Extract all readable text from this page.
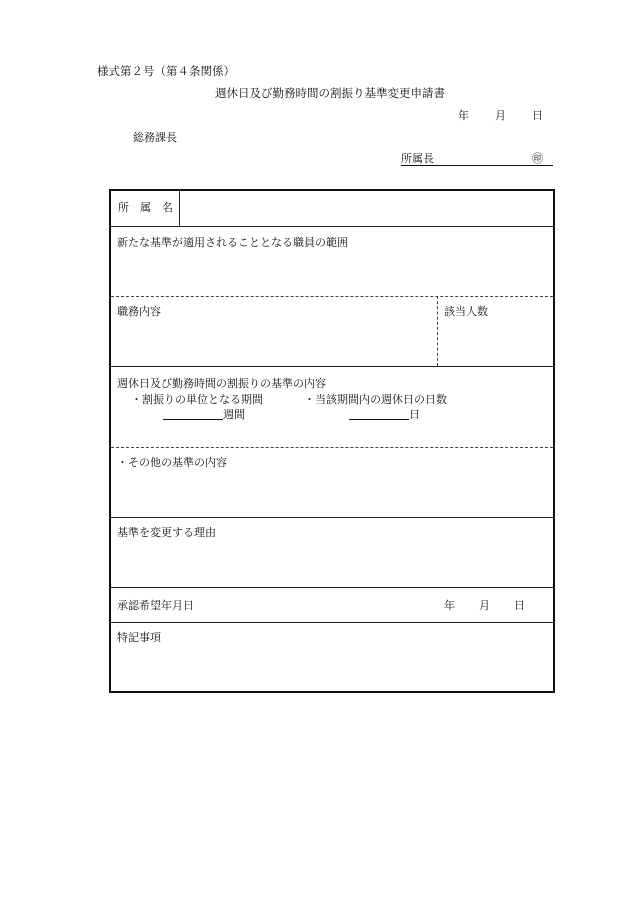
様式第２号（第４条関係）
週休日及び勤務時間の割振り基準変更申請書
年 月 日
総務課長
所属長	㊞
所　属　名
新たな基準が適用されることとなる職員の範囲
職務内容	該当人数
週休日及び勤務時間の割振りの基準の内容
・割振りの単位となる期間	・当該期間内の週休日の日数
週間	日
・その他の基準の内容
基準を変更する理由
承認希望年月日	年 月 日
特記事項
